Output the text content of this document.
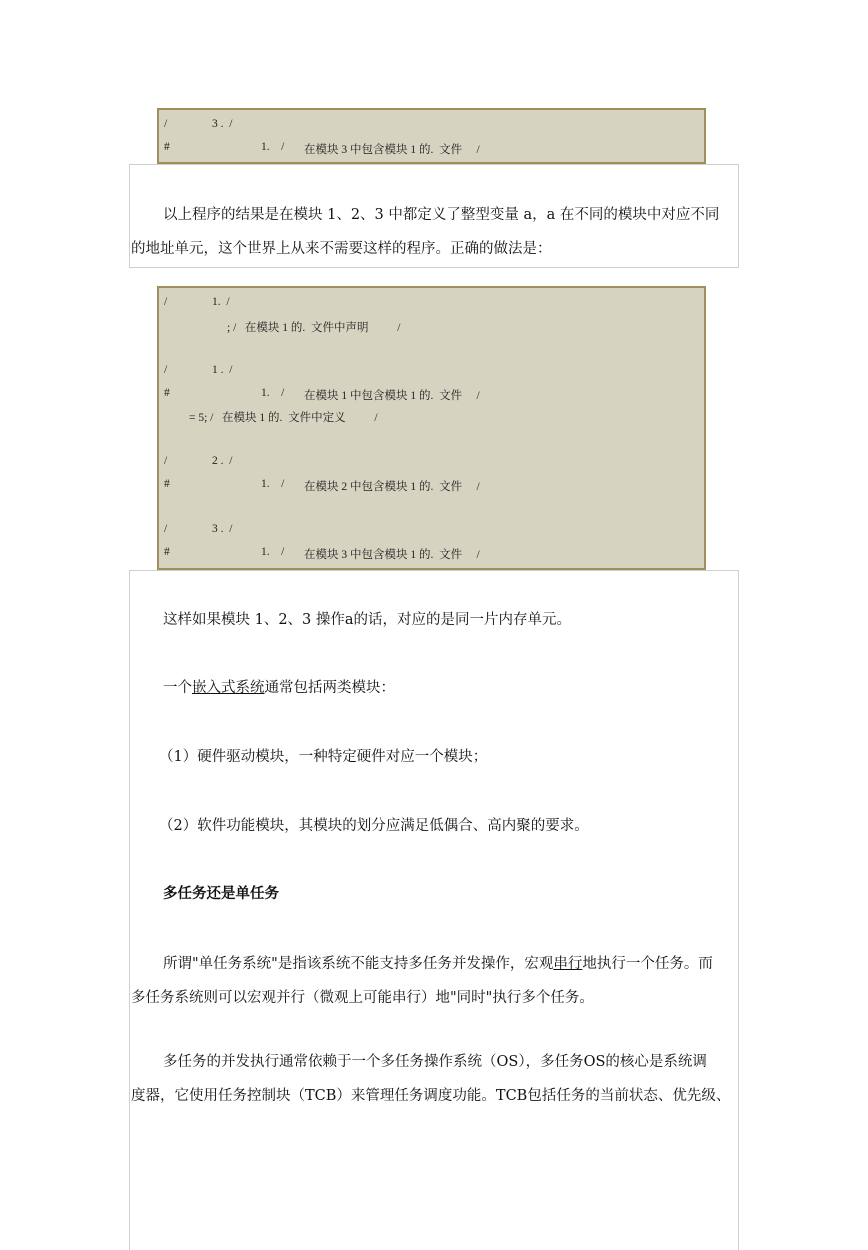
/	3 .  /
#	1.    / 在模块 3 中包含模块 1 的.  文件     /
以上程序的结果是在模块 1、2、3 中都定义了整型变量 a，a 在不同的模块中对应不同
的地址单元，这个世界上从来不需要这样的程序。正确的做法是：
/	1.  /
; /   在模块 1 的.  文件中声明          /
/	1 .  /
#	1.    / 在模块 1 中包含模块 1 的.  文件     /
= 5; /   在模块 1 的.  文件中定义          /
/	2 .  /
#	1.    / 在模块 2 中包含模块 1 的.  文件     /
/	3 .  /
#	1.    / 在模块 3 中包含模块 1 的.  文件     /
这样如果模块 1、2、3 操作a的话，对应的是同一片内存单元。
一个嵌入式系统通常包括两类模块：
（1）硬件驱动模块，一种特定硬件对应一个模块；
（2）软件功能模块，其模块的划分应满足低偶合、高内聚的要求。
多任务还是单任务
所谓"单任务系统"是指该系统不能支持多任务并发操作，宏观串行地执行一个任务。而
多任务系统则可以宏观并行（微观上可能串行）地"同时"执行多个任务。
多任务的并发执行通常依赖于一个多任务操作系统（OS），多任务OS的核心是系统调
度器，它使用任务控制块（TCB）来管理任务调度功能。TCB包括任务的当前状态、优先级、
